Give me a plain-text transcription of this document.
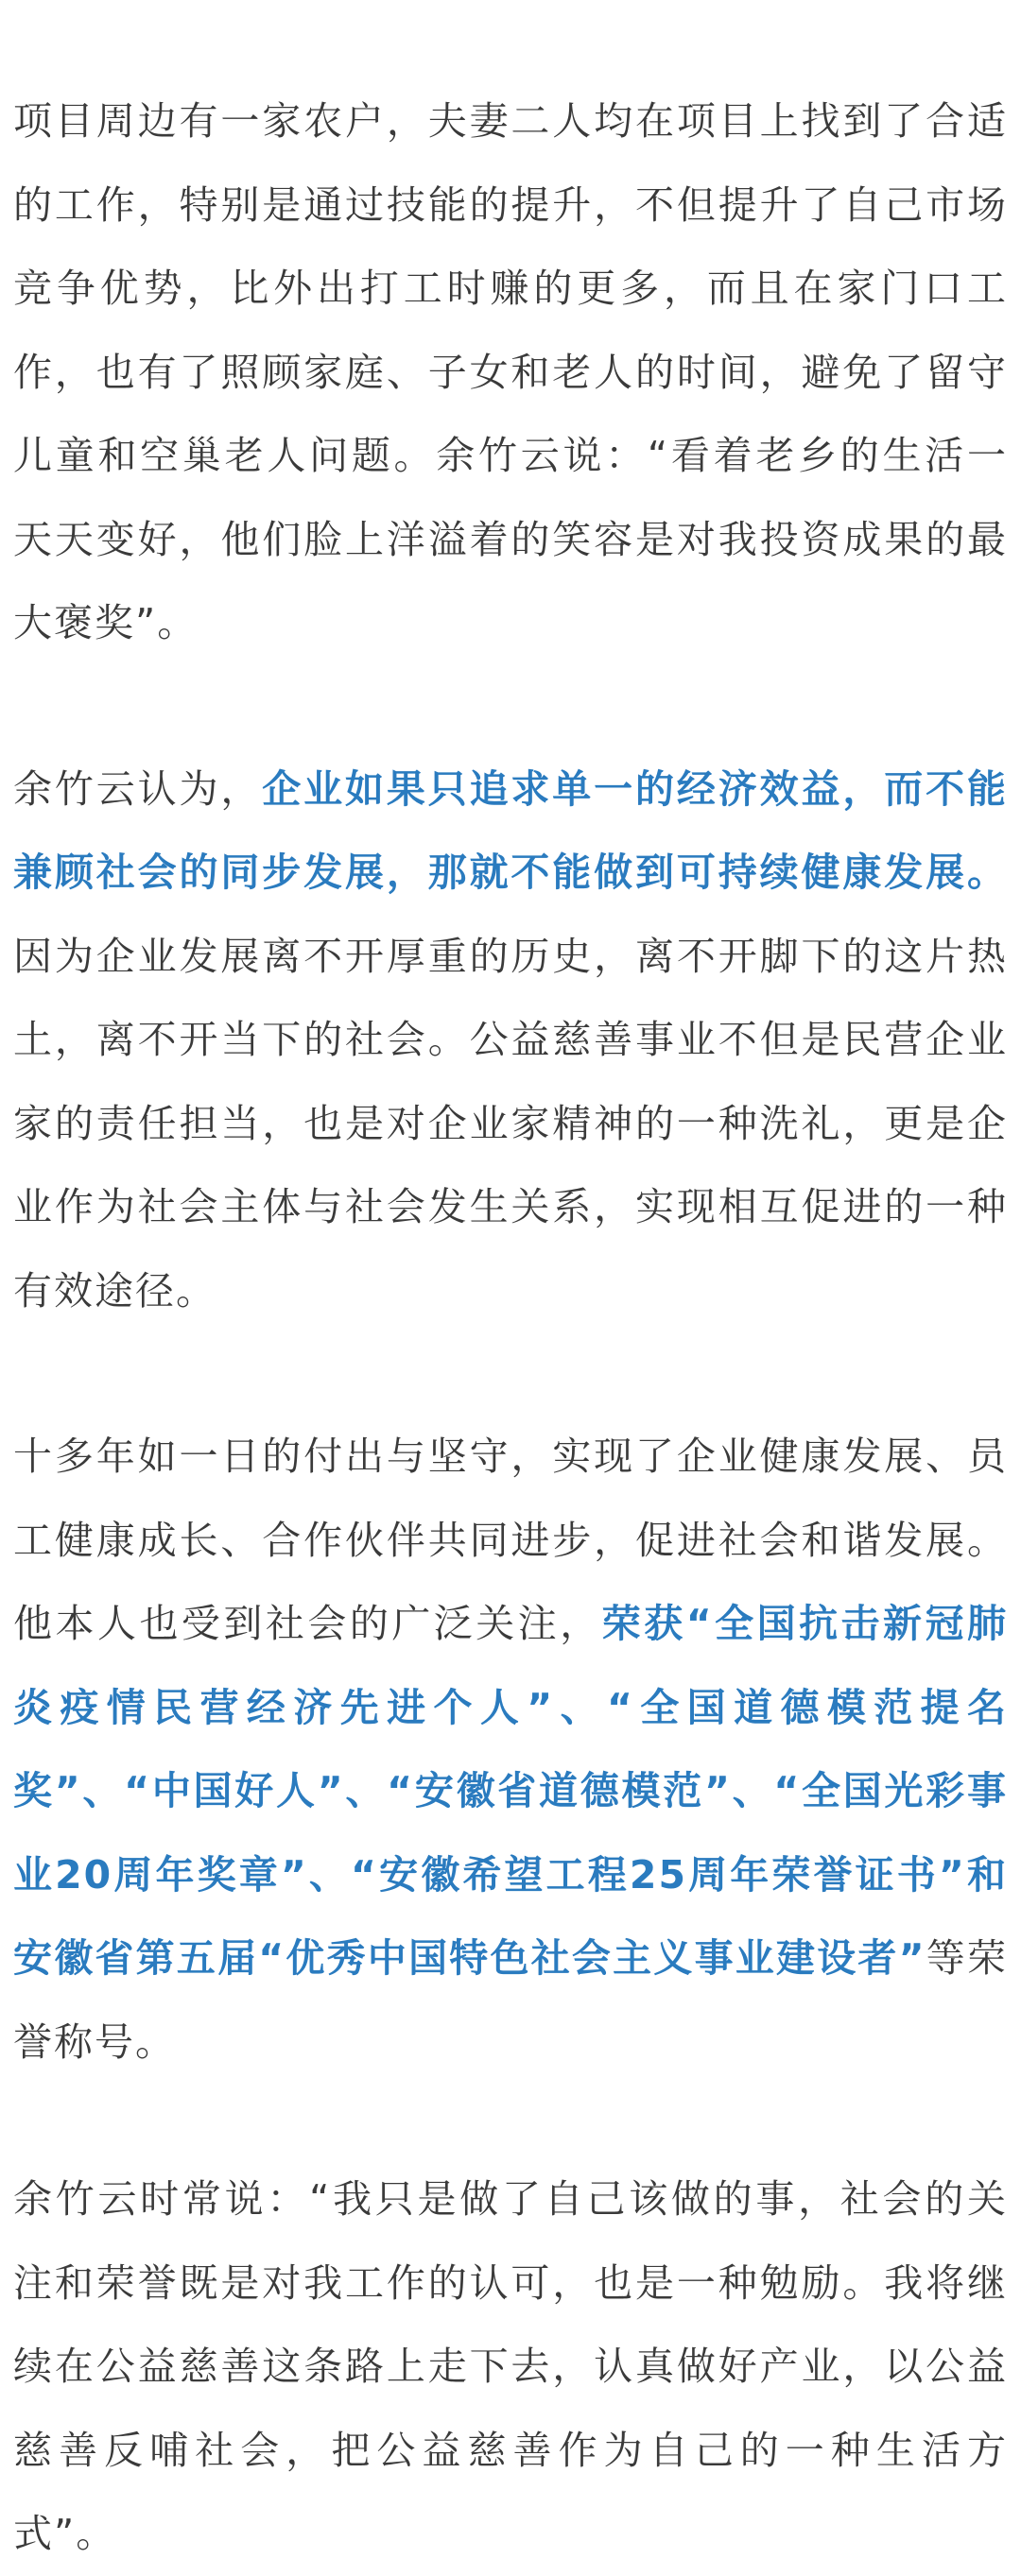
项目周边有一家农户，夫妻二人均在项目上找到了合适的工作，特别是通过技能的提升，不但提升了自己市场竞争优势，比外出打工时赚的更多，而且在家门口工作，也有了照顾家庭、子女和老人的时间，避免了留守儿童和空巢老人问题。余竹云说：“看着老乡的生活一天天变好，他们脸上洋溢着的笑容是对我投资成果的最大褒奖”。

余竹云认为，企业如果只追求单一的经济效益，而不能兼顾社会的同步发展，那就不能做到可持续健康发展。因为企业发展离不开厚重的历史，离不开脚下的这片热土，离不开当下的社会。公益慈善事业不但是民营企业家的责任担当，也是对企业家精神的一种洗礼，更是企业作为社会主体与社会发生关系，实现相互促进的一种有效途径。

十多年如一日的付出与坚守，实现了企业健康发展、员工健康成长、合作伙伴共同进步，促进社会和谐发展。他本人也受到社会的广泛关注，荣获“全国抗击新冠肺炎疫情民营经济先进个人”、“全国道德模范提名奖”、“中国好人”、“安徽省道德模范”、“全国光彩事业20周年奖章”、“安徽希望工程25周年荣誉证书”和安徽省第五届“优秀中国特色社会主义事业建设者”等荣誉称号。

余竹云时常说：“我只是做了自己该做的事，社会的关注和荣誉既是对我工作的认可，也是一种勉励。我将继续在公益慈善这条路上走下去，认真做好产业，以公益慈善反哺社会，把公益慈善作为自己的一种生活方式”。
